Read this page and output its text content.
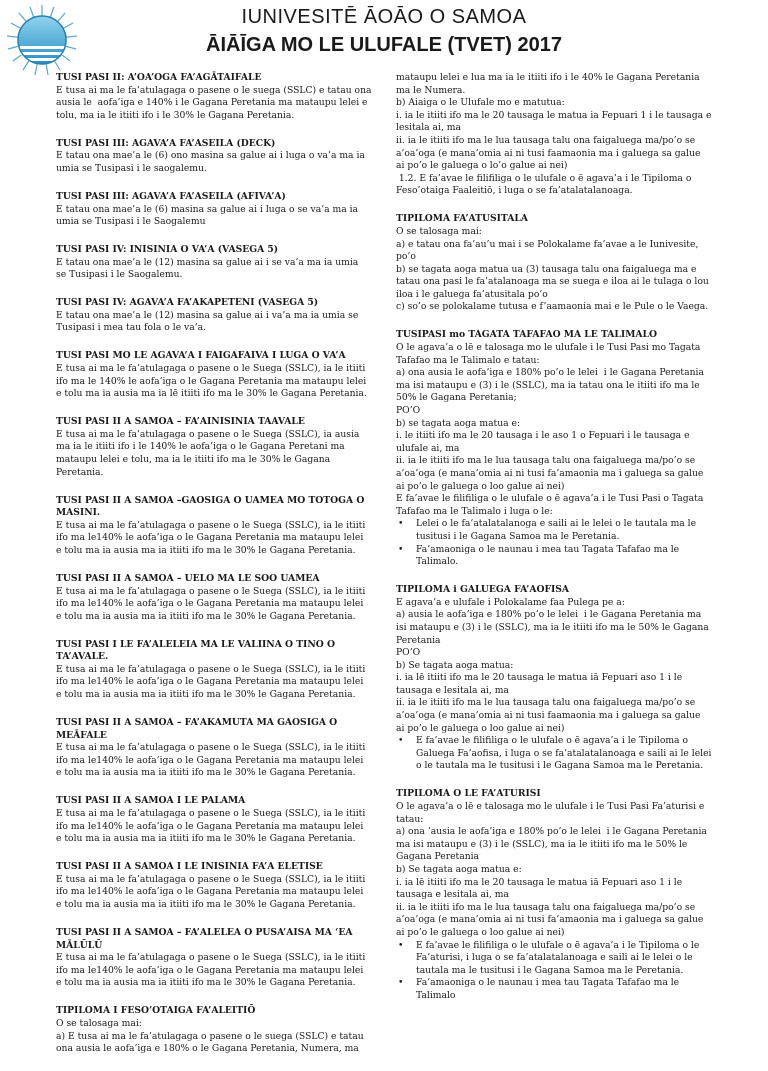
IUNIVESITĒ ĀOĀO O SAMOA
ĀIĀĪGA MO LE ULUFALE (TVET) 2017
TUSI PASI II: A’OA’OGA FA’AGĀTAIFALE
E tusa ai ma le fa’atulagaga o pasene o le suega (SSLC) e tatau ona
ausia le  aofa’iga e 140% i le Gagana Peretania ma mataupu lelei e
tolu, ma ia le itiiti ifo i le 30% le Gagana Peretania.
TUSI PASI III: AGAVA’A FA’ASEILA (DECK)
E tatau ona mae’a le (6) ono masina sa galue ai i luga o va’a ma ia
umia se Tusipasi i le saogalemu.
TUSI PASI III: AGAVA’A FA’ASEILA (AFIVA’A)
E tatau ona mae’a le (6) masina sa galue ai i luga o se va’a ma ia
umia se Tusipasi i le Saogalemu
TUSI PASI IV: INISINIA O VA’A (VASEGA 5)
E tatau ona mae’a le (12) masina sa galue ai i se va’a ma ia umia
se Tusipasi i le Saogalemu.
TUSI PASI IV: AGAVA’A FA’AKAPETENI (VASEGA 5)
E tatau ona mae’a le (12) masina sa galue ai i va’a ma ia umia se
Tusipasi i mea tau fola o le va’a.
TUSI PASI MO LE AGAVA’A I FAIGAFAIVA I LUGA O VA’A
E tusa ai ma le fa’atulagaga o pasene o le Suega (SSLC), ia le itiiti
ifo ma le 140% le aofa’iga o le Gagana Peretania ma mataupu lelei
e tolu ma ia ausia ma ia lē itiiti ifo ma le 30% le Gagana Peretania.
TUSI PASI II A SAMOA – FA’AINISINIA TAAVALE
E tusa ai ma le fa’atulagaga o pasene o le Suega (SSLC), ia ausia
ma ia le itiiti ifo i le 140% le aofa’iga o le Gagana Peretani ma
mataupu lelei e tolu, ma ia le itiiti ifo ma le 30% le Gagana
Peretania.
TUSI PASI II A SAMOA –GAOSIGA O UAMEA MO TOTOGA O
MASINI.
E tusa ai ma le fa’atulagaga o pasene o le Suega (SSLC), ia le itiiti
ifo ma le140% le aofa’iga o le Gagana Peretania ma mataupu lelei
e tolu ma ia ausia ma ia itiiti ifo ma le 30% le Gagana Peretania.
TUSI PASI II A SAMOA – UELO MA LE SOO UAMEA
E tusa ai ma le fa’atulagaga o pasene o le Suega (SSLC), ia le itiiti
ifo ma le140% le aofa’iga o le Gagana Peretania ma mataupu lelei
e tolu ma ia ausia ma ia itiiti ifo ma le 30% le Gagana Peretania.
TUSI PASI I LE FA’ALELEIA MA LE VALIINA O TINO O
TA’AVALE.
E tusa ai ma le fa’atulagaga o pasene o le Suega (SSLC), ia le itiiti
ifo ma le140% le aofa’iga o le Gagana Peretania ma mataupu lelei
e tolu ma ia ausia ma ia itiiti ifo ma le 30% le Gagana Peretania.
TUSI PASI II A SAMOA – FA’AKAMUTA MA GAOSIGA O
MEĀFALE
E tusa ai ma le fa’atulagaga o pasene o le Suega (SSLC), ia le itiiti
ifo ma le140% le aofa’iga o le Gagana Peretania ma mataupu lelei
e tolu ma ia ausia ma ia itiiti ifo ma le 30% le Gagana Peretania.
TUSI PASI II A SAMOA I LE PALAMA
E tusa ai ma le fa’atulagaga o pasene o le Suega (SSLC), ia le itiiti
ifo ma le140% le aofa’iga o le Gagana Peretania ma mataupu lelei
e tolu ma ia ausia ma ia itiiti ifo ma le 30% le Gagana Peretania.
TUSI PASI II A SAMOA I LE INISINIA FA’A ELETISE
E tusa ai ma le fa’atulagaga o pasene o le Suega (SSLC), ia le itiiti
ifo ma le140% le aofa’iga o le Gagana Peretania ma mataupu lelei
e tolu ma ia ausia ma ia itiiti ifo ma le 30% le Gagana Peretania.
TUSI PASI II A SAMOA – FA’ALELEA O PUSA’AISA MA ‘EA
MĀLŪLŪ
E tusa ai ma le fa’atulagaga o pasene o le Suega (SSLC), ia le itiiti
ifo ma le140% le aofa’iga o le Gagana Peretania ma mataupu lelei
e tolu ma ia ausia ma ia itiiti ifo ma le 30% le Gagana Peretania.
TIPILOMA I FESO’OTAIGA FA’ALEITIŌ
O se talosaga mai:
a) E tusa ai ma le fa’atulagaga o pasene o le suega (SSLC) e tatau
ona ausia le aofa’iga e 180% o le Gagana Peretania, Numera, ma
mataupu lelei e lua ma ia le itiiti ifo i le 40% le Gagana Peretania
ma le Numera.
b) Aiaiga o le Ulufale mo e matutua:
i. ia le itiiti ifo ma le 20 tausaga le matua ia Fepuari 1 i le tausaga e
lesitala ai, ma
ii. ia le itiiti ifo ma le lua tausaga talu ona faigaluega ma/po’o se
a’oa’oga (e mana’omia ai ni tusi faamaonia ma i galuega sa galue
ai po’o le galuega o lo’o galue ai nei)
1.2. E fa’avae le filifiliga o le ulufale o ē agava’a i le Tipiloma o
Feso’otaiga Faaleitiō, i luga o se fa’atalatalanoaga.
TIPILOMA FA’ATUSITALA
O se talosaga mai:
a) e tatau ona fa’au’u mai i se Polokalame fa’avae a le Iunivesite,
po’o
b) se tagata aoga matua ua (3) tausaga talu ona faigaluega ma e
tatau ona pasi le fa’atalanoaga ma se suega e iloa ai le tulaga o lou
iloa i le galuega fa’atusitala po’o
c) so’o se polokalame tutusa e f’aamaonia mai e le Pule o le Vaega.
TUSIPASI mo TAGATA TAFAFAO MA LE TALIMALO
O le agava’a o lē e talosaga mo le ulufale i le Tusi Pasi mo Tagata
Tafafao ma le Talimalo e tatau:
a) ona ausia le aofa’iga e 180% po’o le lelei  i le Gagana Peretania
ma isi mataupu e (3) i le (SSLC), ma ia tatau ona le itiiti ifo ma le
50% le Gagana Peretania;
PO’O
b) se tagata aoga matua e:
i. le itiiti ifo ma le 20 tausaga i le aso 1 o Fepuari i le tausaga e
ulufale ai, ma
ii. ia le itiiti ifo ma le lua tausaga talu ona faigaluega ma/po’o se
a’oa’oga (e mana’omia ai ni tusi fa’amaonia ma i galuega sa galue
ai po’o le galuega o loo galue ai nei)
E fa’avae le filifiliga o le ulufale o ē agava’a i le Tusi Pasi o Tagata
Tafafao ma le Talimalo i luga o le:
• Lelei o le fa’atalatalanoga e saili ai le lelei o le tautala ma le
tusitusi i le Gagana Samoa ma le Peretania.
• Fa’amaoniga o le naunau i mea tau Tagata Tafafao ma le
Talimalo.
TIPILOMA i GALUEGA FA’AOFISA
E agava’a e ulufale i Polokalame faa Pulega pe a:
a) ausia le aofa’iga e 180% po’o le lelei  i le Gagana Peretania ma
isi mataupu e (3) i le (SSLC), ma ia le itiiti ifo ma le 50% le Gagana
Peretania
PO’O
b) Se tagata aoga matua:
i. ia lē itiiti ifo ma le 20 tausaga le matua iā Fepuari aso 1 i le
tausaga e lesitala ai, ma
ii. ia le itiiti ifo ma le lua tausaga talu ona faigaluega ma/po’o se
a’oa’oga (e mana’omia ai ni tusi faamaonia ma i galuega sa galue
ai po’o le galuega o loo galue ai nei)
• E fa’avae le filifiliga o le ulufale o ē agava’a i le Tipiloma o
Galuega Fa’aofisa, i luga o se fa’atalatalanoaga e saili ai le lelei
o le tautala ma le tusitusi i le Gagana Samoa ma le Peretania.
TIPILOMA O LE FA’ATURISI
O le agava’a o lē e talosaga mo le ulufale i le Tusi Pasi Fa’aturisi e
tatau:
a) ona ’ausia le aofa’iga e 180% po’o le lelei  i le Gagana Peretania
ma isi mataupu e (3) i le (SSLC), ma ia le itiiti ifo ma le 50% le
Gagana Peretania
b) Se tagata aoga matua e:
i. ia lē itiiti ifo ma le 20 tausaga le matua iā Fepuari aso 1 i le
tausaga e lesitala ai, ma
ii. ia le itiiti ifo ma le lua tausaga talu ona faigaluega ma/po’o se
a’oa’oga (e mana’omia ai ni tusi fa’amaonia ma i galuega sa galue
ai po’o le galuega o loo galue ai nei)
• E fa’avae le filifiliga o le ulufale o ē agava’a i le Tipiloma o le
Fa’aturisi, i luga o se fa’atalatalanoaga e saili ai le lelei o le
tautala ma le tusitusi i le Gagana Samoa ma le Peretania.
• Fa’amaoniga o le naunau i mea tau Tagata Tafafao ma le
Talimalo
